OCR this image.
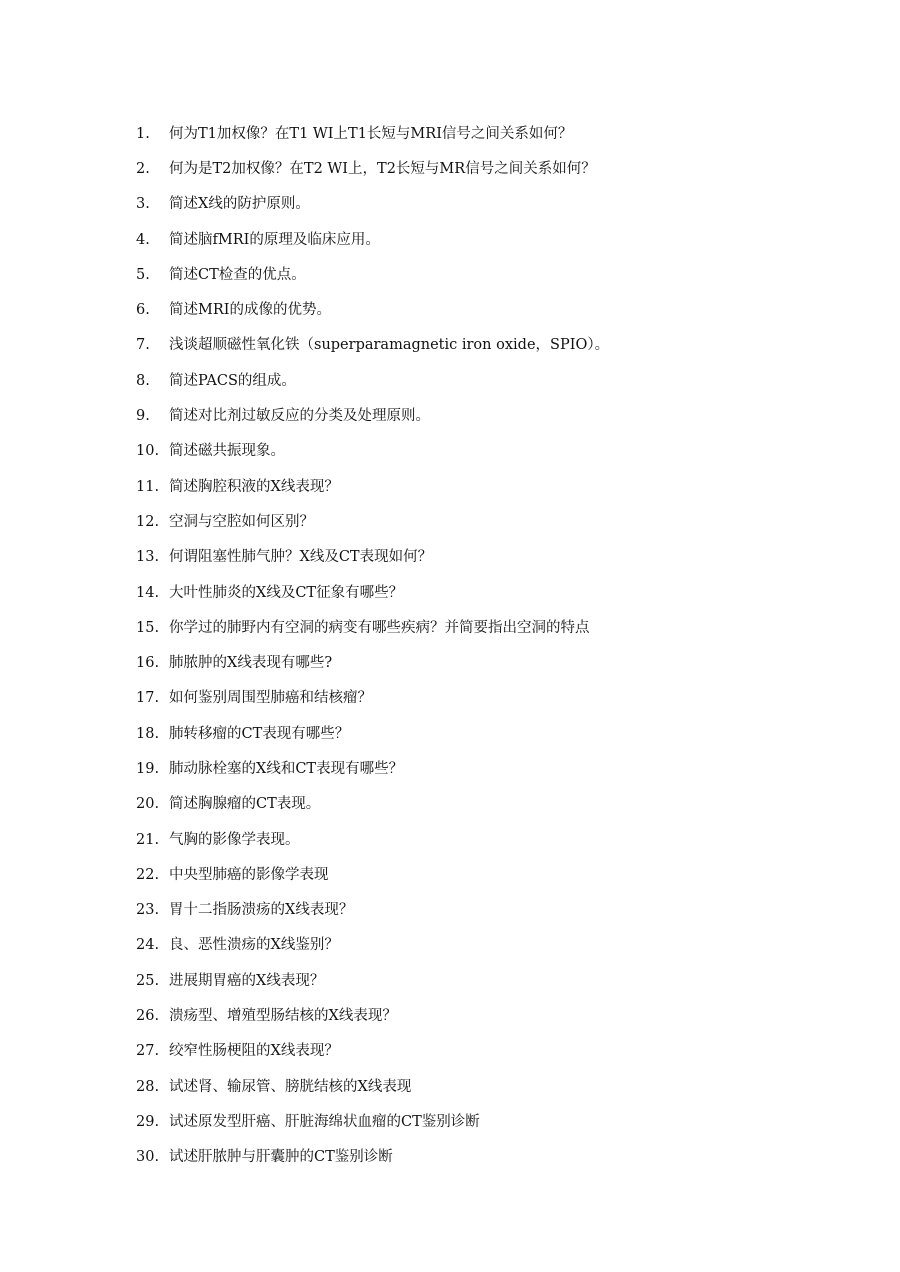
1.	何为T1加权像？在T1 WI上T1长短与MRI信号之间关系如何？
2.	何为是T2加权像？在T2 WI上，T2长短与MR信号之间关系如何？
3.	简述X线的防护原则。
4.	简述脑fMRI的原理及临床应用。
5.	简述CT检查的优点。
6.	简述MRI的成像的优势。
7.	浅谈超顺磁性氧化铁（superparamagnetic iron oxide，SPIO）。
8.	简述PACS的组成。
9.	简述对比剂过敏反应的分类及处理原则。
10. 简述磁共振现象。
11. 简述胸腔积液的X线表现？
12. 空洞与空腔如何区别？
13. 何谓阻塞性肺气肿？X线及CT表现如何？
14. 大叶性肺炎的X线及CT征象有哪些？
15. 你学过的肺野内有空洞的病变有哪些疾病？并简要指出空洞的特点
16. 肺脓肿的X线表现有哪些?
17. 如何鉴别周围型肺癌和结核瘤？
18. 肺转移瘤的CT表现有哪些？
19. 肺动脉栓塞的X线和CT表现有哪些？
20. 简述胸腺瘤的CT表现。
21. 气胸的影像学表现。
22. 中央型肺癌的影像学表现
23. 胃十二指肠溃疡的X线表现？
24. 良、恶性溃疡的X线鉴别？
25. 进展期胃癌的X线表现？
26. 溃疡型、增殖型肠结核的X线表现？
27. 绞窄性肠梗阻的X线表现？
28. 试述肾、输尿管、膀胱结核的X线表现
29. 试述原发型肝癌、肝脏海绵状血瘤的CT鉴别诊断
30. 试述肝脓肿与肝囊肿的CT鉴别诊断
